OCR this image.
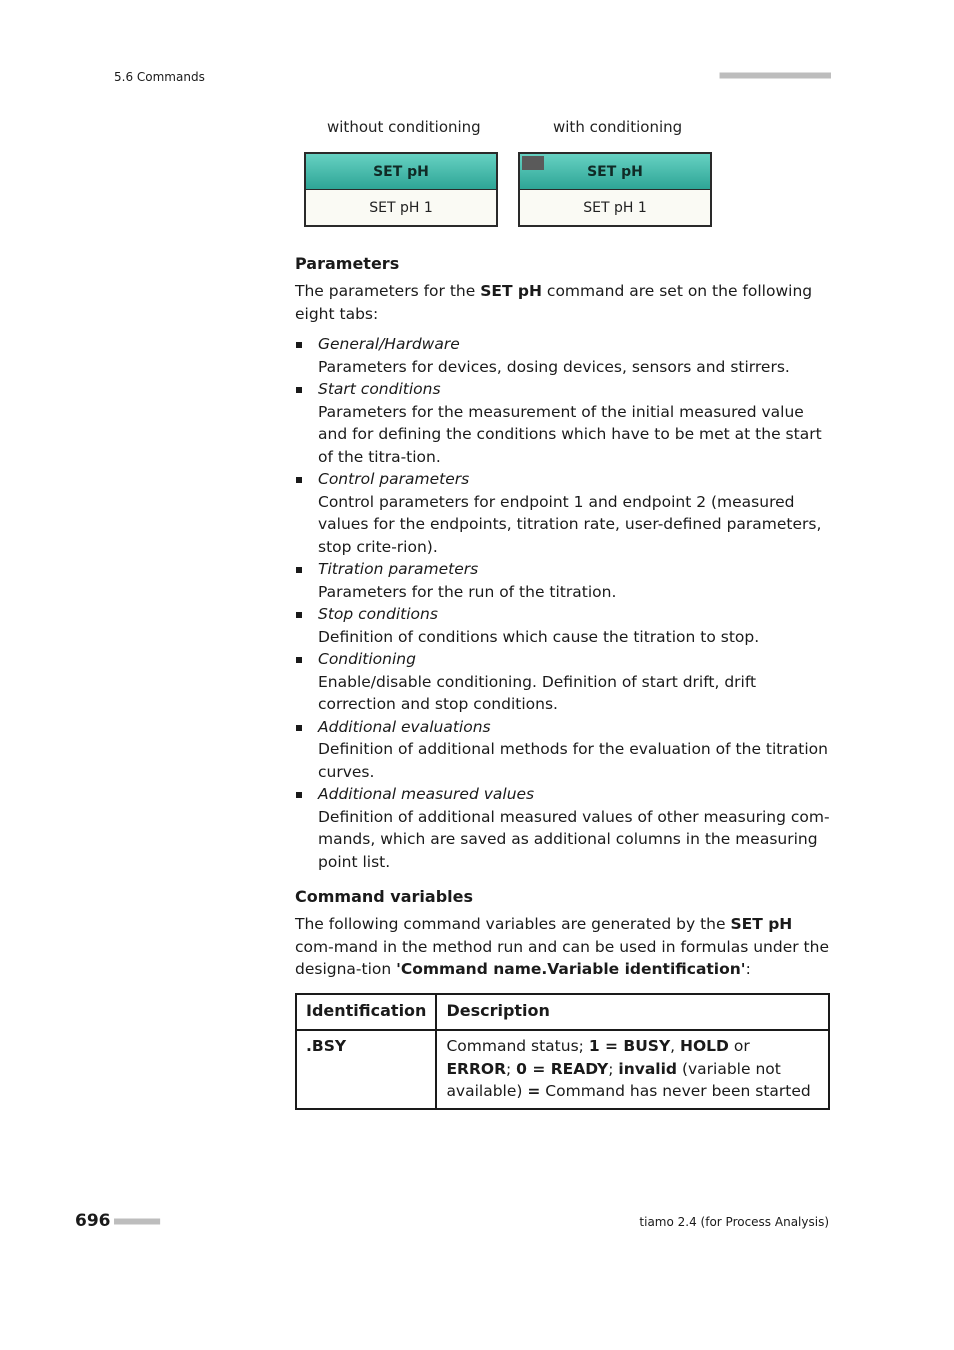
5.6 Commands	■■■■■■■■■■■■■■■■■■■■■■
without conditioning	with conditioning
SET pH
SET pH 1
SET pH
SET pH 1
Parameters

The parameters for the SET pH command are set on the following eight tabs:

General/Hardware
Parameters for devices, dosing devices, sensors and stirrers.
Start conditions
Parameters for the measurement of the initial measured value and for defining the conditions which have to be met at the start of the titra-tion.
Control parameters
Control parameters for endpoint 1 and endpoint 2 (measured values for the endpoints, titration rate, user-defined parameters, stop crite-rion).
Titration parameters
Parameters for the run of the titration.
Stop conditions
Definition of conditions which cause the titration to stop.
Conditioning
Enable/disable conditioning. Definition of start drift, drift correction and stop conditions.
Additional evaluations
Definition of additional methods for the evaluation of the titration curves.
Additional measured values
Definition of additional measured values of other measuring com-mands, which are saved as additional columns in the measuring point list.
Command variables

The following command variables are generated by the SET pH com-mand in the method run and can be used in formulas under the designa-tion 'Command name.Variable identification':

Identification	Description
.BSY	Command status; 1 = BUSY, HOLD or ERROR; 0 = READY; invalid (variable not available) = Command has never been started
696 ■■■■■■■■■	tiamo 2.4 (for Process Analysis)
